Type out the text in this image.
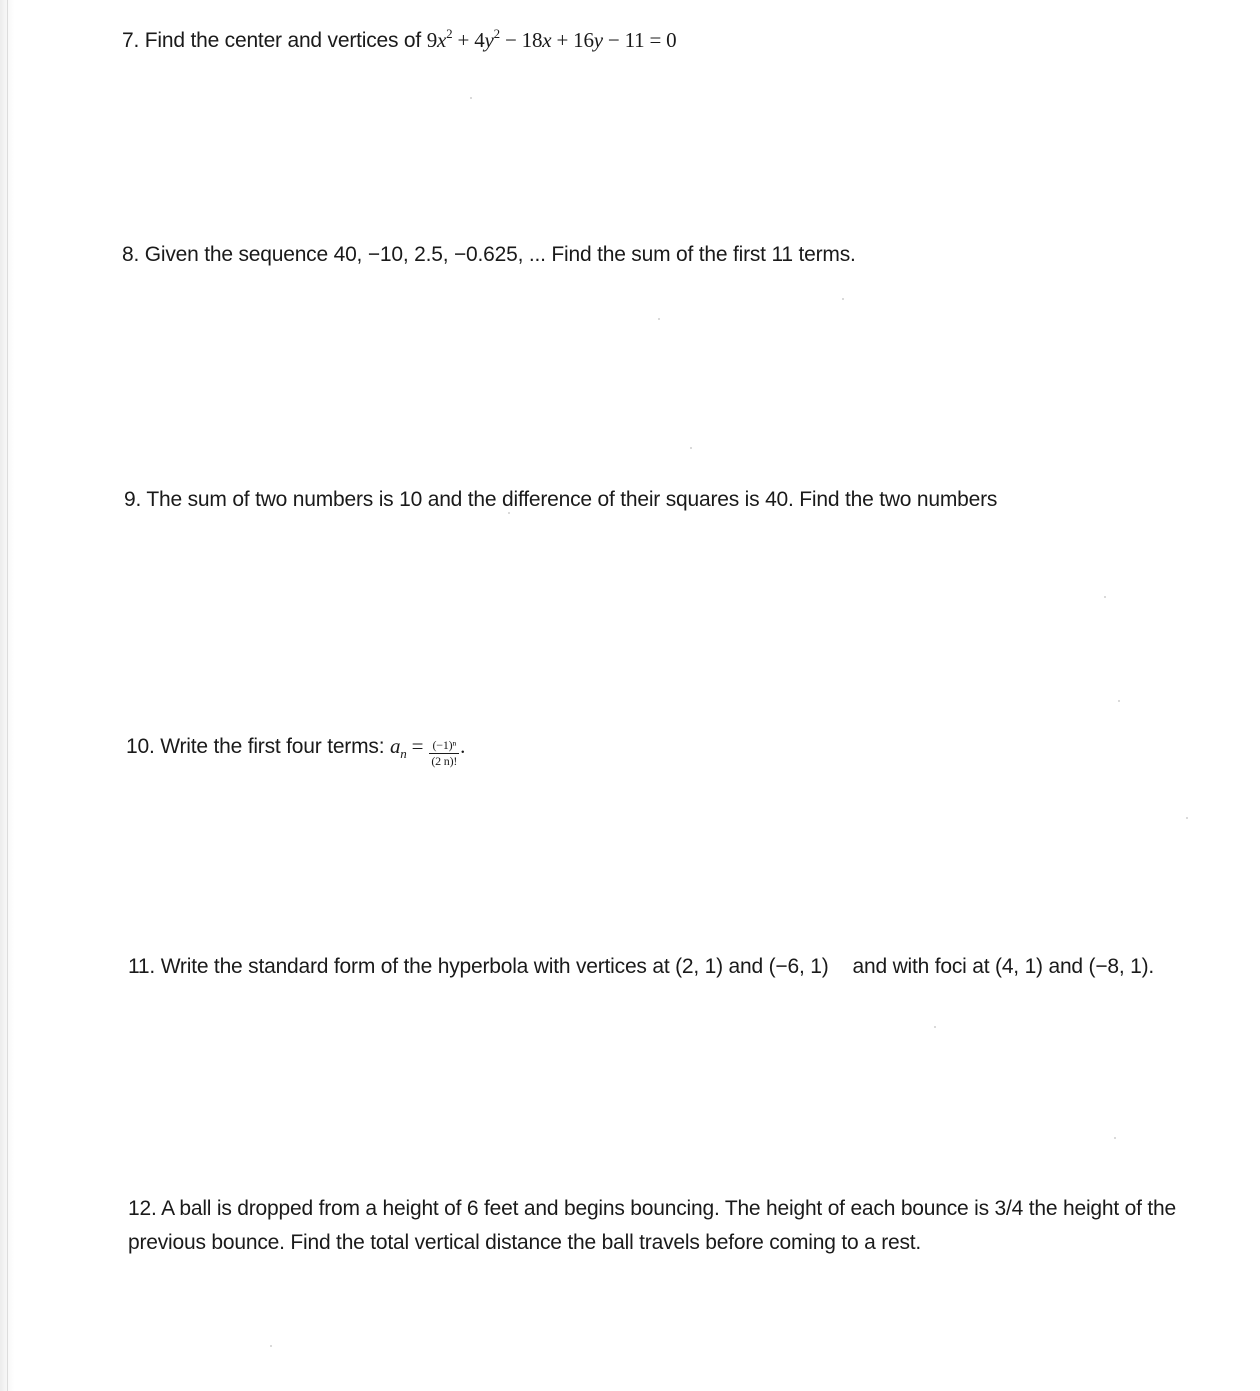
7. Find the center and vertices of $9x^2 + 4y^2 - 18x + 16y - 11 = 0$
8. Given the sequence 40, −10, 2.5, −0.625, ... Find the sum of the first 11 terms.
9. The sum of two numbers is 10 and the difference of their squares is 40. Find the two numbers
10. Write the first four terms: $a_n = \frac{\text{(−1)ⁿ}}{(2 n)!}$ .
11. Write the standard form of the hyperbola with vertices at (2, 1) and (−6, 1) and with foci at (4, 1) and (−8, 1).
12. A ball is dropped from a height of 6 feet and begins bouncing. The height of each bounce is 3/4 the height of the previous bounce. Find the total vertical distance the ball travels before coming to a rest.
